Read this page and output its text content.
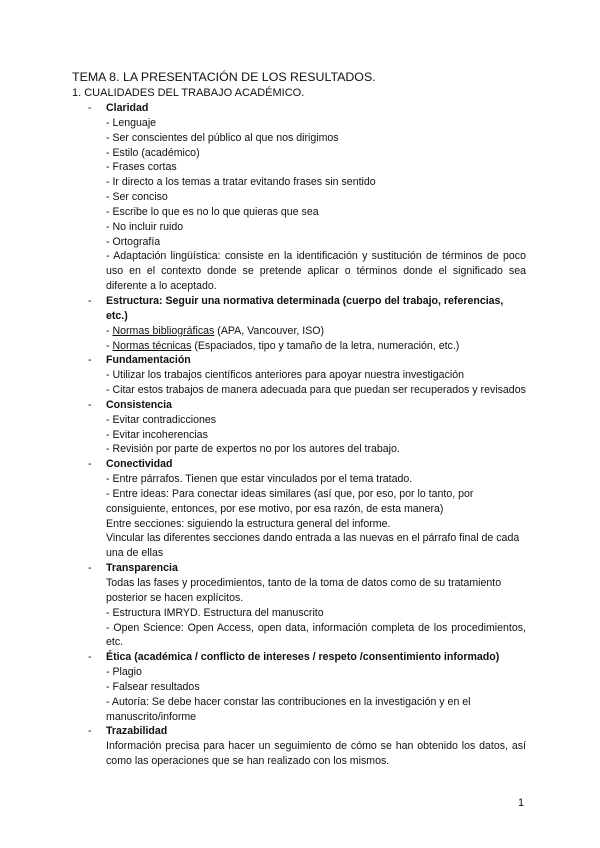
TEMA 8. LA PRESENTACIÓN DE LOS RESULTADOS.
1. CUALIDADES DEL TRABAJO ACADÉMICO.
- Claridad
- Lenguaje
- Ser conscientes del público al que nos dirigimos
- Estilo (académico)
- Frases cortas
- Ir directo a los temas a tratar evitando frases sin sentido
- Ser conciso
- Escribe lo que es no lo que quieras que sea
- No incluir ruido
- Ortografía
- Adaptación lingüística: consiste en la identificación y sustitución de términos de poco uso en el contexto donde se pretende aplicar o términos donde el significado sea diferente a lo aceptado.
- Estructura: Seguir una normativa determinada (cuerpo del trabajo, referencias, etc.)
- Normas bibliográficas (APA, Vancouver, ISO)
- Normas técnicas (Espaciados, tipo y tamaño de la letra, numeración, etc.)
- Fundamentación
- Utilizar los trabajos científicos anteriores para apoyar nuestra investigación
- Citar estos trabajos de manera adecuada para que puedan ser recuperados y revisados
- Consistencia
- Evitar contradicciones
- Evitar incoherencias
- Revisión por parte de expertos no por los autores del trabajo.
- Conectividad
- Entre párrafos. Tienen que estar vinculados por el tema tratado.
- Entre ideas: Para conectar ideas similares (así que, por eso, por lo tanto, por consiguiente, entonces, por ese motivo, por esa razón, de esta manera)
Entre secciones: siguiendo la estructura general del informe.
Vincular las diferentes secciones dando entrada a las nuevas en el párrafo final de cada una de ellas
- Transparencia
Todas las fases y procedimientos, tanto de la toma de datos como de su tratamiento posterior se hacen explícitos.
- Estructura IMRYD. Estructura del manuscrito
- Open Science: Open Access, open data, información completa de los procedimientos, etc.
- Ética (académica / conflicto de intereses / respeto /consentimiento informado)
- Plagio
- Falsear resultados
- Autoría: Se debe hacer constar las contribuciones en la investigación y en el manuscrito/informe
- Trazabilidad
Información precisa para hacer un seguimiento de cómo se han obtenido los datos, así como las operaciones que se han realizado con los mismos.
1
